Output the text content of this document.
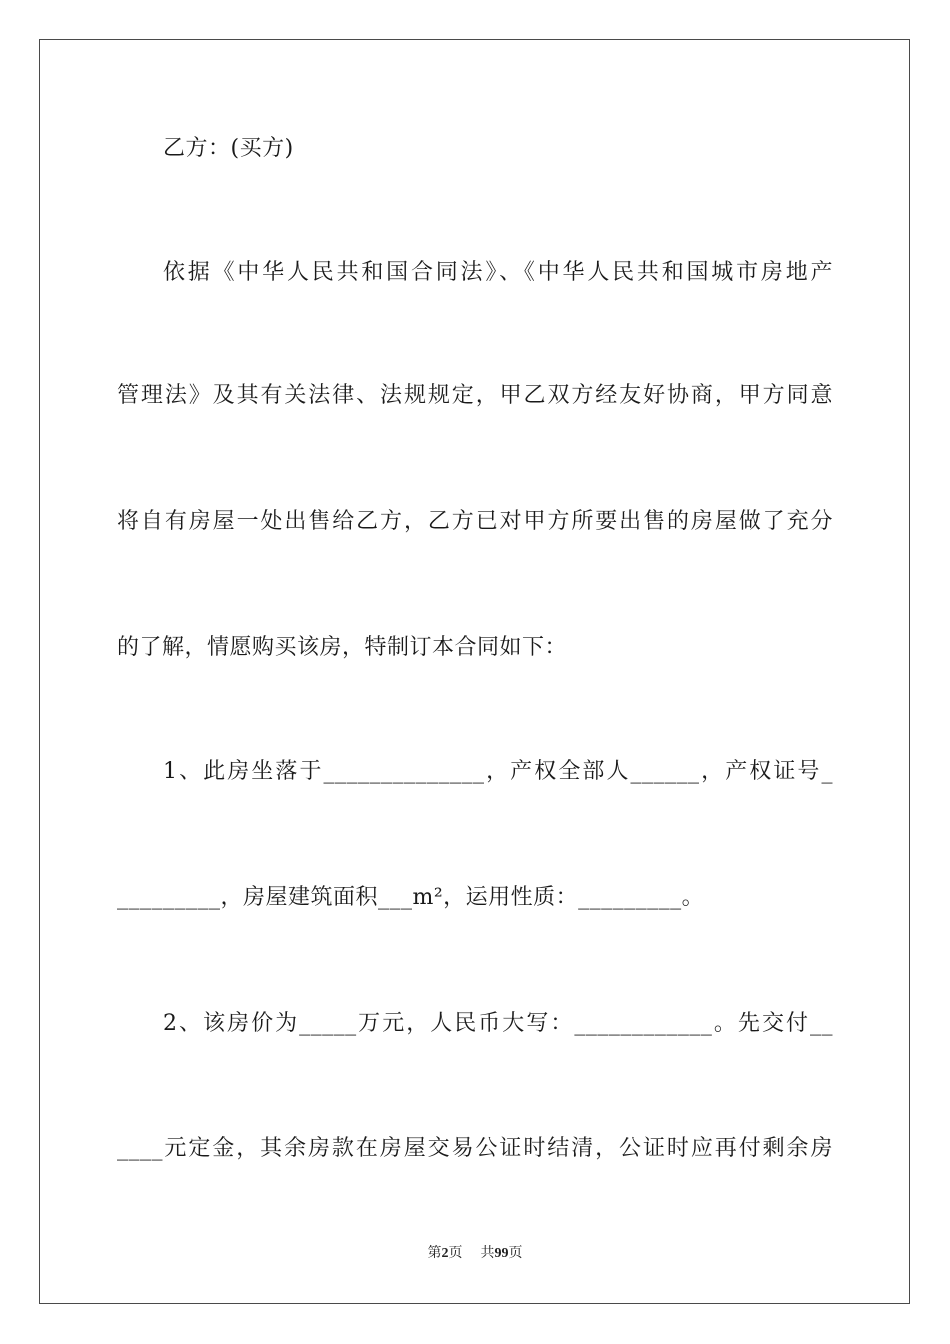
乙方：(买方)
依据《中华人民共和国合同法》、《中华人民共和国城市房地产
管理法》及其有关法律、法规规定，甲乙双方经友好协商，甲方同意
将自有房屋一处出售给乙方，乙方已对甲方所要出售的房屋做了充分
的了解，情愿购买该房，特制订本合同如下：
1、此房坐落于______________，产权全部人______，产权证号_
_________，房屋建筑面积___m²，运用性质：_________。
2、该房价为_____万元，人民币大写：____________。先交付__
____元定金，其余房款在房屋交易公证时结清，公证时应再付剩余房
第2页 共99页
